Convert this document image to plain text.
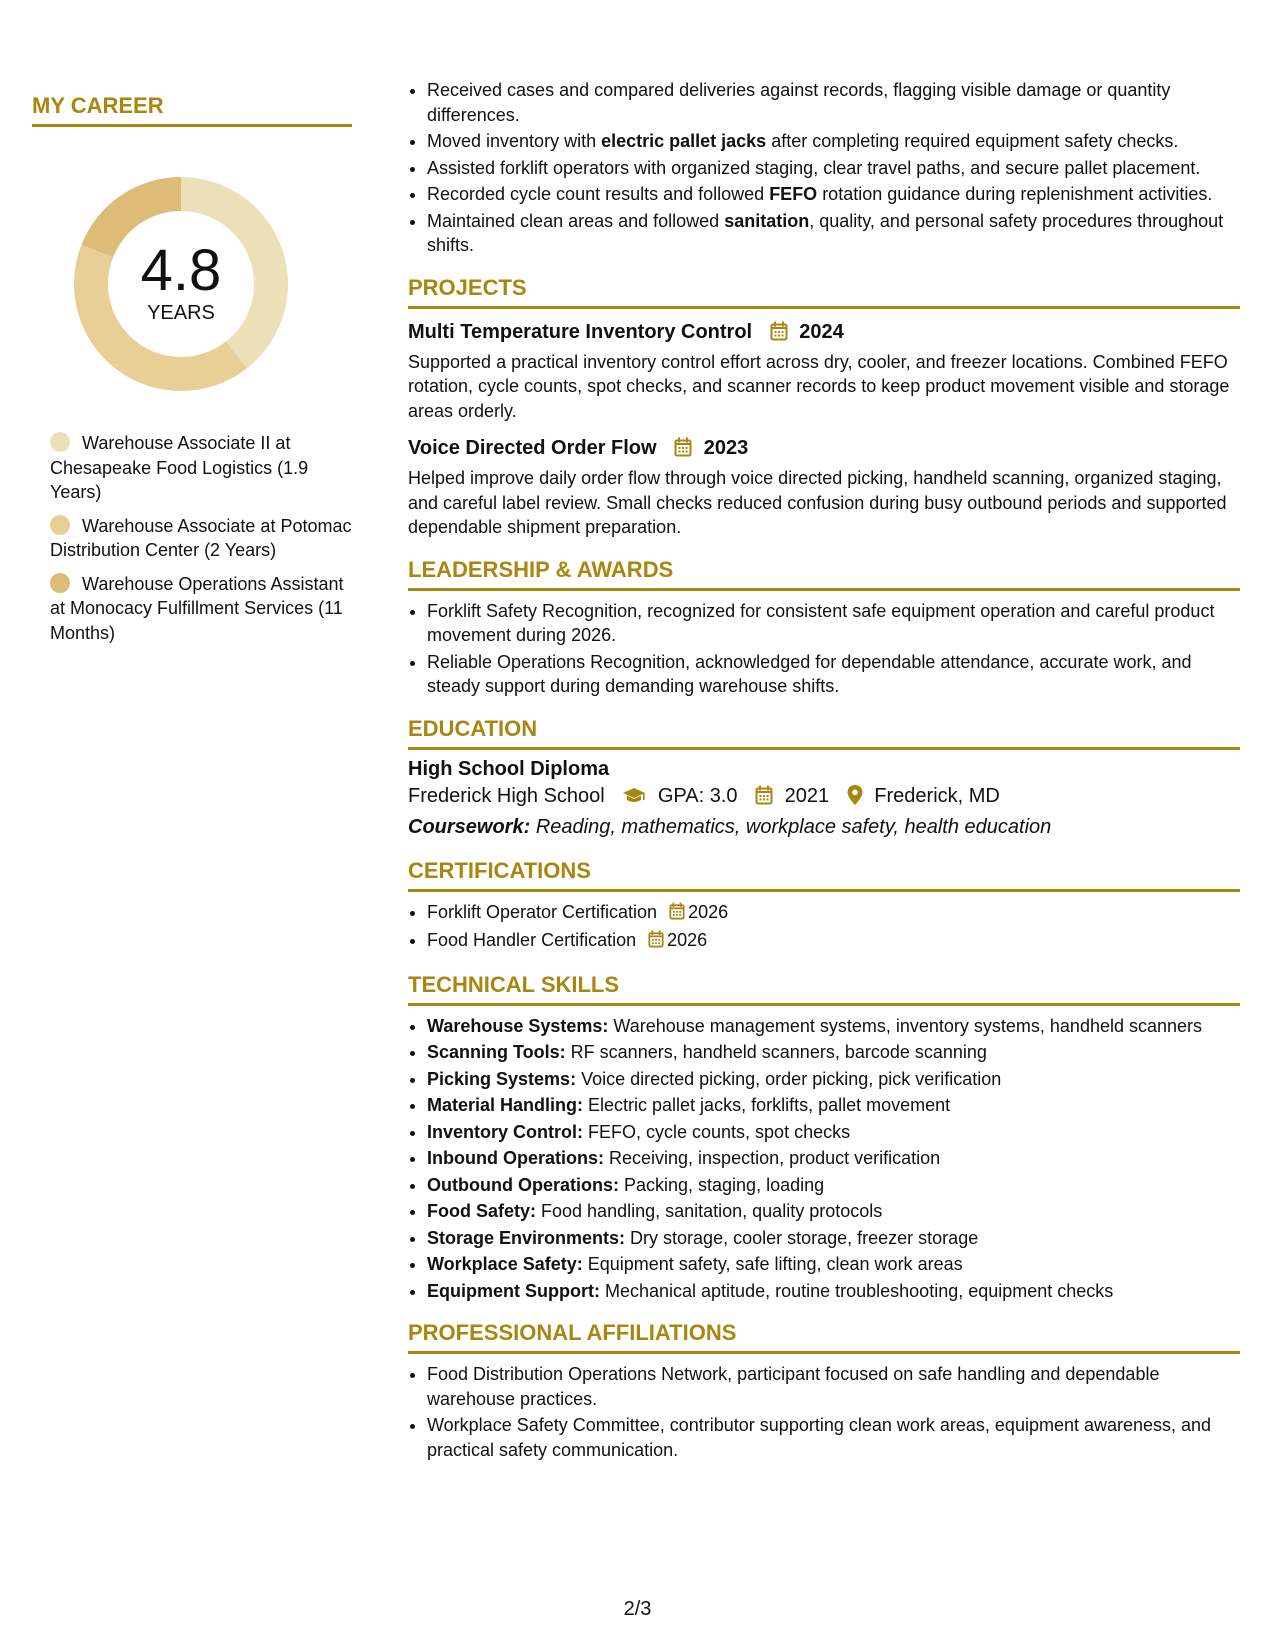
MY CAREER
4.8
YEARS
Warehouse Associate II at Chesapeake Food Logistics (1.9 Years)
Warehouse Associate at Potomac Distribution Center (2 Years)
Warehouse Operations Assistant at Monocacy Fulfillment Services (11 Months)
• Received cases and compared deliveries against records, flagging visible damage or quantity differences.
• Moved inventory with electric pallet jacks after completing required equipment safety checks.
• Assisted forklift operators with organized staging, clear travel paths, and secure pallet placement.
• Recorded cycle count results and followed FEFO rotation guidance during replenishment activities.
• Maintained clean areas and followed sanitation, quality, and personal safety procedures throughout shifts.
PROJECTS
Multi Temperature Inventory Control 2024
Supported a practical inventory control effort across dry, cooler, and freezer locations. Combined FEFO rotation, cycle counts, spot checks, and scanner records to keep product movement visible and storage areas orderly.
Voice Directed Order Flow 2023
Helped improve daily order flow through voice directed picking, handheld scanning, organized staging, and careful label review. Small checks reduced confusion during busy outbound periods and supported dependable shipment preparation.
LEADERSHIP & AWARDS
• Forklift Safety Recognition, recognized for consistent safe equipment operation and careful product movement during 2026.
• Reliable Operations Recognition, acknowledged for dependable attendance, accurate work, and steady support during demanding warehouse shifts.
EDUCATION
High School Diploma
Frederick High School	GPA: 3.0 2021 Frederick, MD
Coursework: Reading, mathematics, workplace safety, health education
CERTIFICATIONS
• Forklift Operator Certification 2026
• Food Handler Certification 2026
TECHNICAL SKILLS
• Warehouse Systems: Warehouse management systems, inventory systems, handheld scanners
• Scanning Tools: RF scanners, handheld scanners, barcode scanning
• Picking Systems: Voice directed picking, order picking, pick verification
• Material Handling: Electric pallet jacks, forklifts, pallet movement
• Inventory Control: FEFO, cycle counts, spot checks
• Inbound Operations: Receiving, inspection, product verification
• Outbound Operations: Packing, staging, loading
• Food Safety: Food handling, sanitation, quality protocols
• Storage Environments: Dry storage, cooler storage, freezer storage
• Workplace Safety: Equipment safety, safe lifting, clean work areas
• Equipment Support: Mechanical aptitude, routine troubleshooting, equipment checks
PROFESSIONAL AFFILIATIONS
• Food Distribution Operations Network, participant focused on safe handling and dependable warehouse practices.
• Workplace Safety Committee, contributor supporting clean work areas, equipment awareness, and practical safety communication.
2/3
